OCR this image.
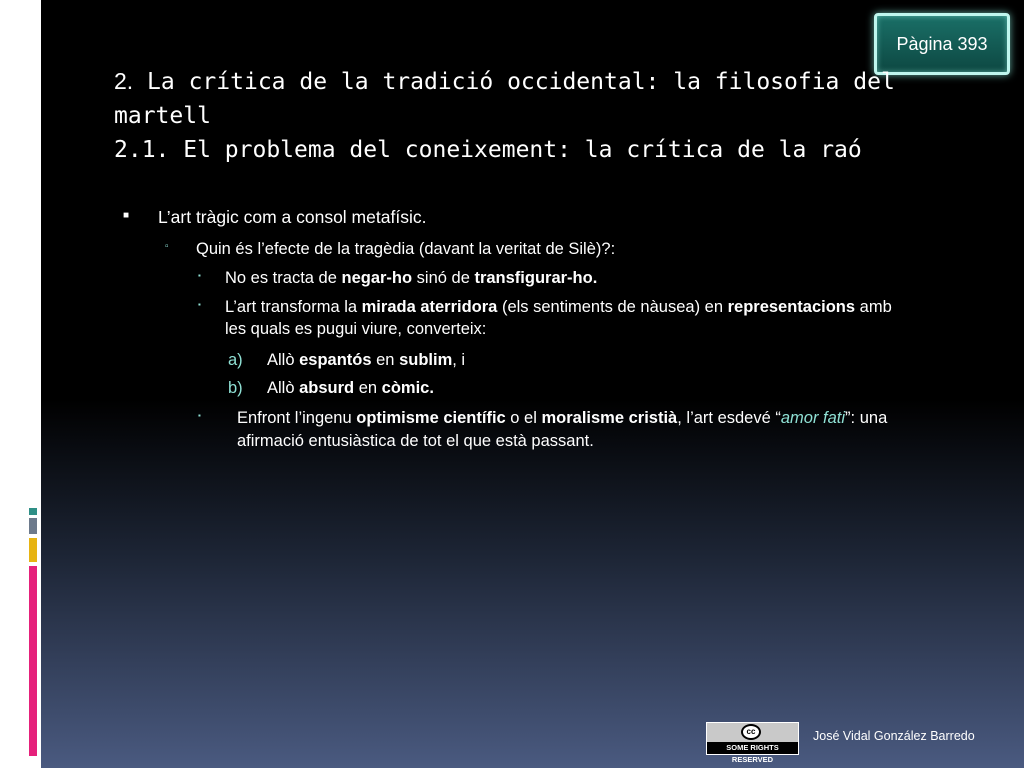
Pàgina 393
2. La crítica de la tradició occidental: la filosofia del
martell
2.1. El problema del coneixement: la crítica de la raó
■ L’art tràgic com a consol metafísic.
▫ Quin és l’efecte de la tragèdia (davant la veritat de Silè)?:
▪ No es tracta de negar-ho sinó de transfigurar-ho.
▪ L’art transforma la mirada aterridora (els sentiments de nàusea) en representacions amb
les quals es pugui viure, converteix:
a) Allò espantós en sublim, i
b) Allò absurd en còmic.
▪ Enfront l’ingenu optimisme científic o el moralisme cristià, l’art esdevé “amor fati”: una
afirmació entusiàstica de tot el que està passant.
cc
SOME RIGHTS RESERVED
José Vidal González Barredo
